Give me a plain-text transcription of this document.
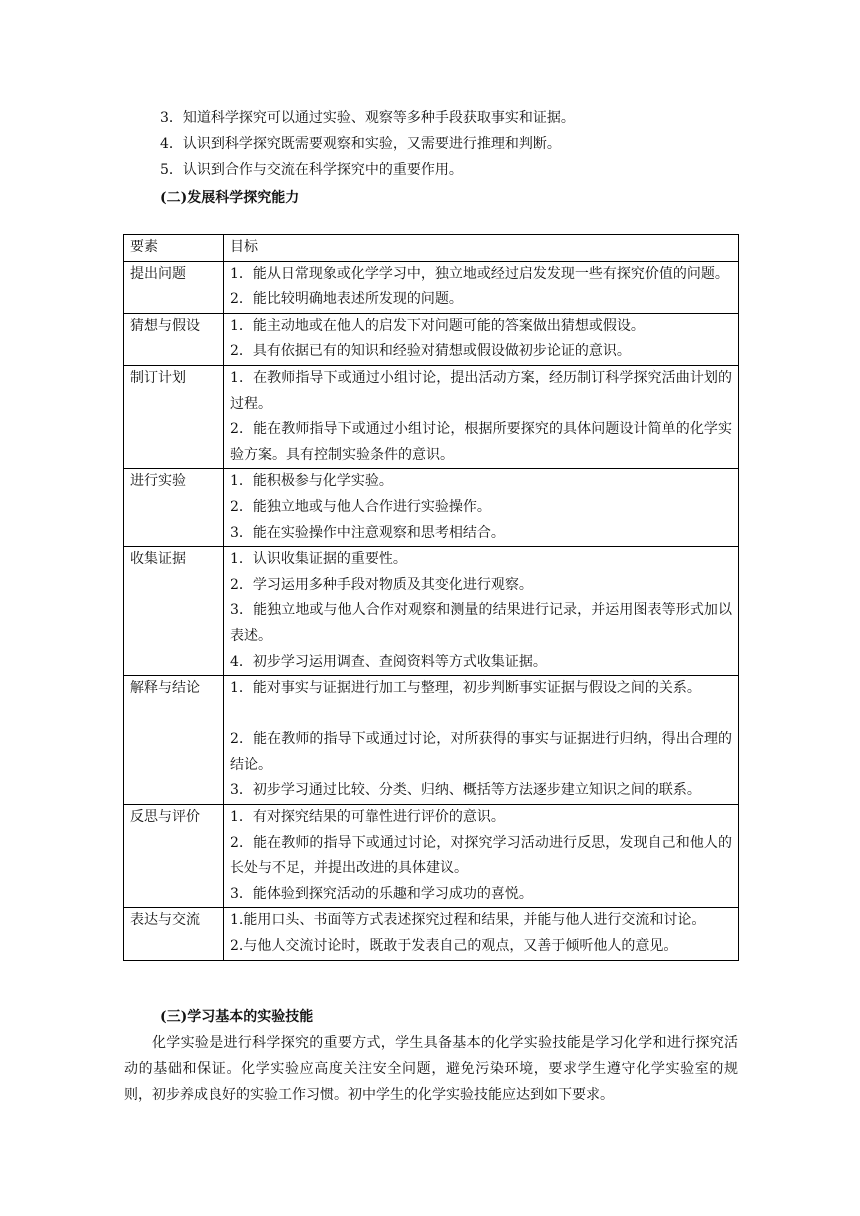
3．知道科学探究可以通过实验、观察等多种手段获取事实和证据。

4．认识到科学探究既需要观察和实验，又需要进行推理和判断。

5．认识到合作与交流在科学探究中的重要作用。

(二)发展科学探究能力

要素	目标
提出问题	1．能从日常现象或化学学习中，独立地或经过启发发现一些有探究价值的问题。
2．能比较明确地表述所发现的问题。

猜想与假设	1．能主动地或在他人的启发下对问题可能的答案做出猜想或假设。
2．具有依据已有的知识和经验对猜想或假设做初步论证的意识。

制订计划	1．在教师指导下或通过小组讨论，提出活动方案，经历制订科学探究活曲计划的过程。
2．能在教师指导下或通过小组讨论，根据所要探究的具体问题设计简单的化学实验方案。具有控制实验条件的意识。

进行实验	1．能积极参与化学实验。
2．能独立地或与他人合作进行实验操作。
3．能在实验操作中注意观察和思考相结合。

收集证据	1．认识收集证据的重要性。
2．学习运用多种手段对物质及其变化进行观察。
3．能独立地或与他人合作对观察和测量的结果进行记录，并运用图表等形式加以表述。
4．初步学习运用调查、查阅资料等方式收集证据。

解释与结论	1．能对事实与证据进行加工与整理，初步判断事实证据与假设之间的关系。
2．能在教师的指导下或通过讨论，对所获得的事实与证据进行归纳，得出合理的结论。
3．初步学习通过比较、分类、归纳、概括等方法逐步建立知识之间的联系。

反思与评价	1．有对探究结果的可靠性进行评价的意识。
2．能在教师的指导下或通过讨论，对探究学习活动进行反思，发现自己和他人的长处与不足，并提出改进的具体建议。
3．能体验到探究活动的乐趣和学习成功的喜悦。

表达与交流	1.能用口头、书面等方式表述探究过程和结果，并能与他人进行交流和讨论。
2.与他人交流讨论时，既敢于发表自己的观点，又善于倾听他人的意见。

(三)学习基本的实验技能

化学实验是进行科学探究的重要方式，学生具备基本的化学实验技能是学习化学和进行探究活动的基础和保证。化学实验应高度关注安全问题，避免污染环境，要求学生遵守化学实验室的规则，初步养成良好的实验工作习惯。初中学生的化学实验技能应达到如下要求。
